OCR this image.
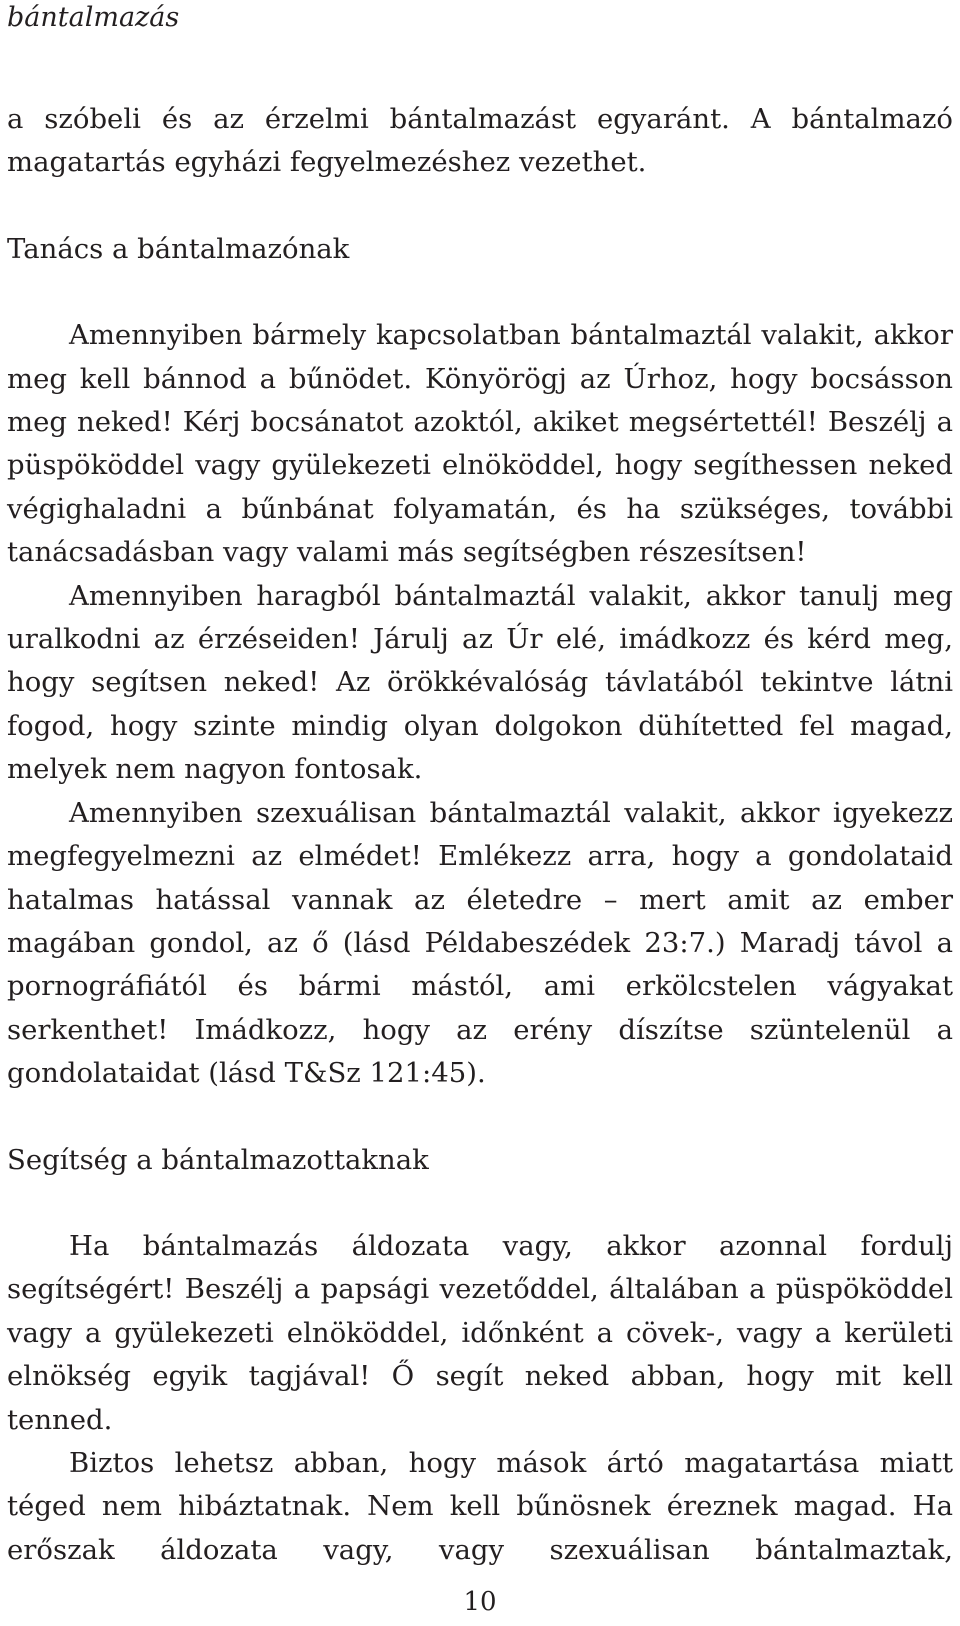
bántalmazás

a szóbeli és az érzelmi bántalmazást egyaránt. A bántalmazó magatartás egyházi fegyelmezéshez vezethet.

Tanács a bántalmazónak

Amennyiben bármely kapcsolatban bántalmaztál valakit, akkor meg kell bánnod a bűnödet. Könyörögj az Úrhoz, hogy bocsásson meg neked! Kérj bocsánatot azoktól, akiket megsértettél! Beszélj a püspököddel vagy gyülekezeti elnököddel, hogy segíthessen neked végighaladni a bűnbánat folyamatán, és ha szükséges, további tanácsadásban vagy valami más segítségben részesítsen!

Amennyiben haragból bántalmaztál valakit, akkor tanulj meg uralkodni az érzéseiden! Járulj az Úr elé, imádkozz és kérd meg, hogy segítsen neked! Az örökkévalóság távlatából tekintve látni fogod, hogy szinte mindig olyan dolgokon dühítetted fel magad, melyek nem nagyon fontosak.

Amennyiben szexuálisan bántalmaztál valakit, akkor igyekezz megfegyelmezni az elmédet! Emlékezz arra, hogy a gondolataid hatalmas hatással vannak az életedre – mert amit az ember magában gondol, az ő (lásd Példabeszédek 23:7.) Maradj távol a pornográfiától és bármi mástól, ami erkölcstelen vágyakat serkenthet! Imádkozz, hogy az erény díszítse szüntelenül a gondolataidat (lásd T&Sz 121:45).

Segítség a bántalmazottaknak

Ha bántalmazás áldozata vagy, akkor azonnal fordulj segítségért! Beszélj a papsági vezetőddel, általában a püspököddel vagy a gyülekezeti elnököddel, időnként a cövek-, vagy a kerületi elnökség egyik tagjával! Ő segít neked abban, hogy mit kell tenned.

Biztos lehetsz abban, hogy mások ártó magatartása miatt téged nem hibáztatnak. Nem kell bűnösnek éreznek magad. Ha erőszak áldozata vagy, vagy szexuálisan bántalmaztak,

10
